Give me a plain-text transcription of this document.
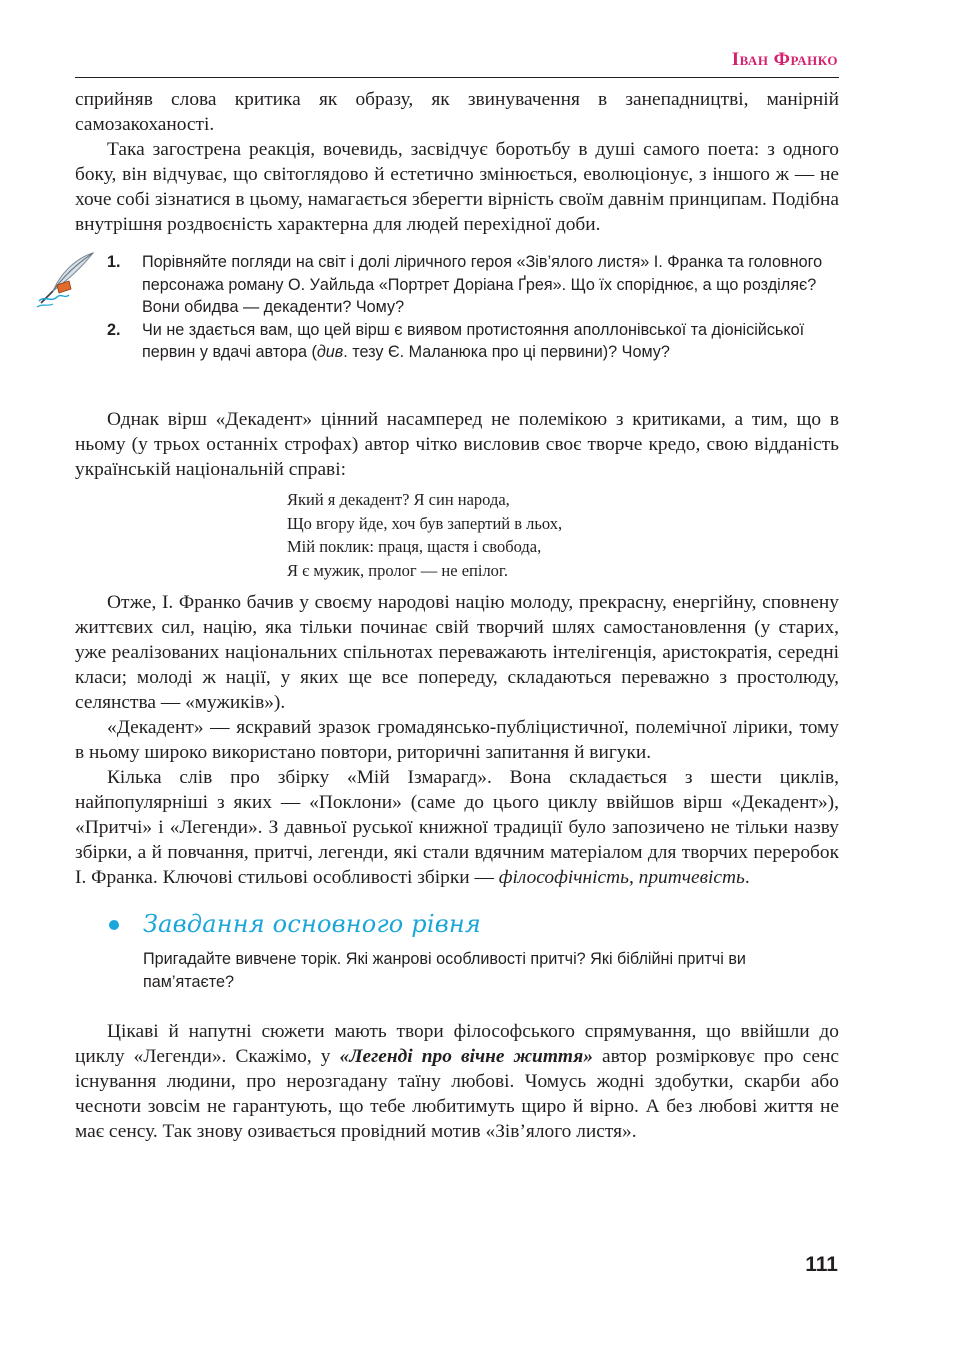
Іван Франко

сприйняв слова критика як образу, як звинувачення в занепадництві, манірній самозакоханості.

Така загострена реакція, вочевидь, засвідчує боротьбу в душі самого поета: з одного боку, він відчуває, що світоглядово й естетично змінюється, еволюціонує, з іншого ж — не хоче собі зізнатися в цьому, намагається зберегти вірність своїм давнім принципам. Подібна внутрішня роздвоєність характерна для людей перехідної доби.

1. Порівняйте погляди на світ і долі ліричного героя «Зів’ялого листя» І. Франка та головного персонажа роману О. Уайльда «Портрет Доріана Ґрея». Що їх споріднює, а що розділяє? Вони обидва — декаденти? Чому?
2. Чи не здається вам, що цей вірш є виявом протистояння аполлонівської та діонісійської первин у вдачі автора (див. тезу Є. Маланюка про ці первини)? Чому?

Однак вірш «Декадент» цінний насамперед не полемікою з критиками, а тим, що в ньому (у трьох останніх строфах) автор чітко висловив своє творче кредо, свою відданість українській національній справі:

Який я декадент? Я син народа,
Що вгору йде, хоч був запертий в льох,
Мій поклик: праця, щастя і свобода,
Я є мужик, пролог — не епілог.

Отже, І. Франко бачив у своєму народові націю молоду, прекрасну, енергійну, сповнену життєвих сил, націю, яка тільки починає свій творчий шлях самостановлення (у старих, уже реалізованих національних спільнотах переважають інтелігенція, аристократія, середні класи; молоді ж нації, у яких ще все попереду, складаються переважно з простолюду, селянства — «мужиків»).

«Декадент» — яскравий зразок громадянсько-публіцистичної, полемічної лірики, тому в ньому широко використано повтори, риторичні запитання й вигуки.

Кілька слів про збірку «Мій Ізмарагд». Вона складається з шести циклів, найпопулярніші з яких — «Поклони» (саме до цього циклу ввійшов вірш «Декадент»), «Притчі» і «Легенди». З давньої руської книжної традиції було запозичено не тільки назву збірки, а й повчання, притчі, легенди, які стали вдячним матеріалом для творчих переробок І. Франка. Ключові стильові особливості збірки — філософічність, притчевість.

Завдання основного рівня
Пригадайте вивчене торік. Які жанрові особливості притчі? Які біблійні притчі ви пам’ятаєте?

Цікаві й напутні сюжети мають твори філософського спрямування, що ввійшли до циклу «Легенди». Скажімо, у «Легенді про вічне життя» автор розмірковує про сенс існування людини, про нерозгадану таїну любові. Чомусь жодні здобутки, скарби або чесноти зовсім не гарантують, що тебе любитимуть щиро й вірно. А без любові життя не має сенсу. Так знову озивається провідний мотив «Зів’ялого листя».

111
